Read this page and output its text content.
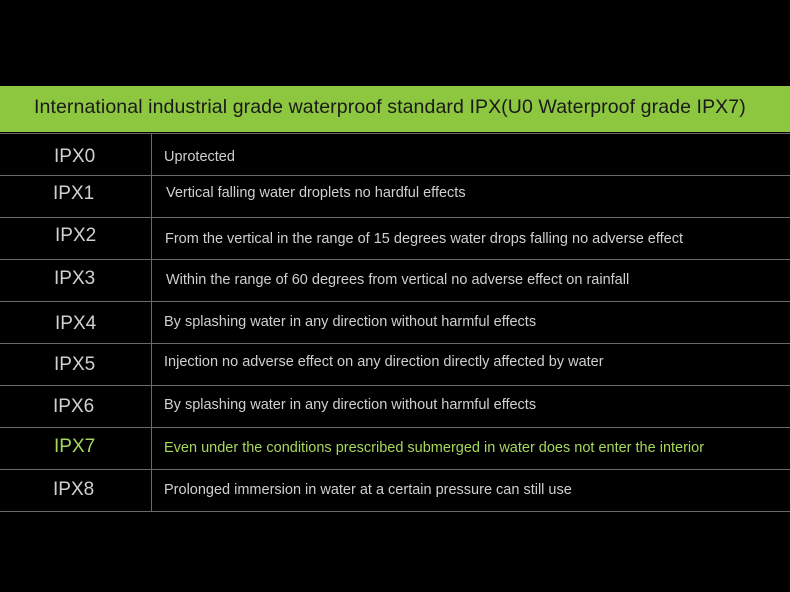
International industrial grade waterproof standard IPX(U0 Waterproof grade IPX7)
IPX0	Uprotected
IPX1	Vertical falling water droplets no hardful effects
IPX2	From the vertical in the range of 15 degrees water drops falling no adverse effect
IPX3	Within the range of 60 degrees from vertical no adverse effect on rainfall
IPX4	By splashing water in any direction without harmful effects
IPX5	Injection no adverse effect on any direction directly affected by water
IPX6	By splashing water in any direction without harmful effects
IPX7	Even under the conditions prescribed submerged in water does not enter the interior
IPX8	Prolonged immersion in water at a certain pressure can still use
